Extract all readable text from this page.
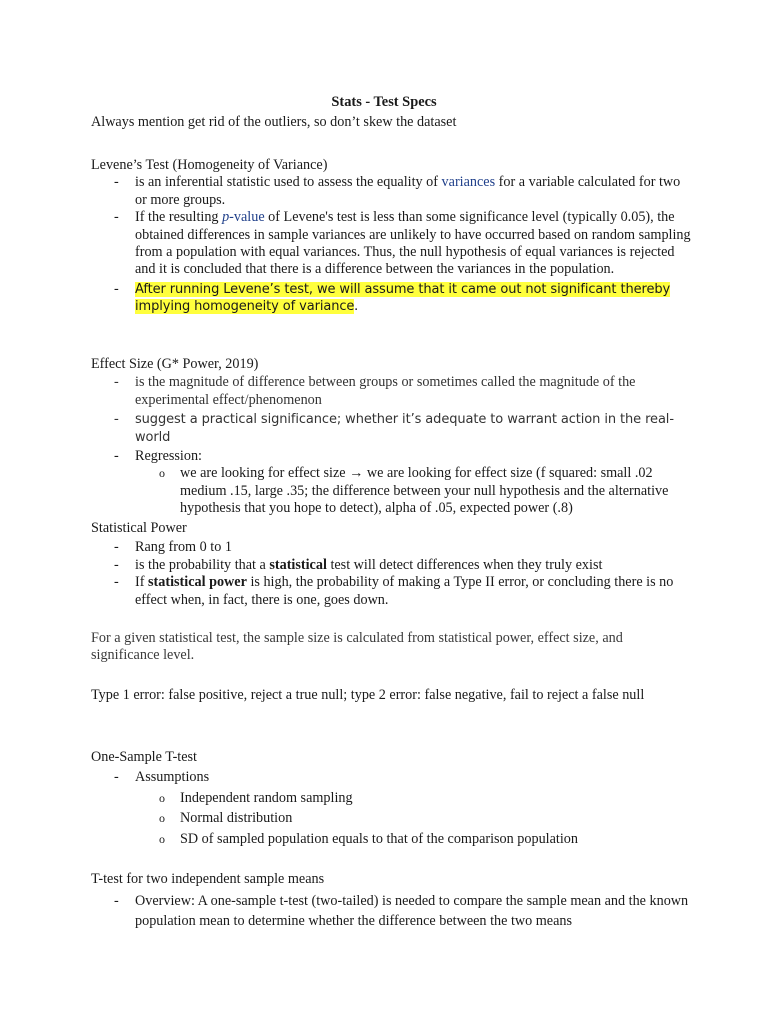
Stats - Test Specs
Always mention get rid of the outliers, so don’t skew the dataset

Levene’s Test (Homogeneity of Variance)

- is an inferential statistic used to assess the equality of variances for a variable calculated for two or more groups.
- If the resulting p-value of Levene's test is less than some significance level (typically 0.05), the obtained differences in sample variances are unlikely to have occurred based on random sampling from a population with equal variances. Thus, the null hypothesis of equal variances is rejected and it is concluded that there is a difference between the variances in the population.
- After running Levene’s test, we will assume that it came out not significant thereby implying homogeneity of variance.

Effect Size (G* Power, 2019)

- is the magnitude of difference between groups or sometimes called the magnitude of the experimental effect/phenomenon
- suggest a practical significance; whether it’s adequate to warrant action in the real-world
- Regression:
o we are looking for effect size → we are looking for effect size (f squared: small .02 medium .15, large .35; the difference between your null hypothesis and the alternative hypothesis that you hope to detect), alpha of .05, expected power (.8)

Statistical Power

- Rang from 0 to 1
- is the probability that a statistical test will detect differences when they truly exist
- If statistical power is high, the probability of making a Type II error, or concluding there is no effect when, in fact, there is one, goes down.
For a given statistical test, the sample size is calculated from statistical power, effect size, and significance level.
Type 1 error: false positive, reject a true null; type 2 error: false negative, fail to reject a false null

One-Sample T-test

- Assumptions
o Independent random sampling
o Normal distribution
o SD of sampled population equals to that of the comparison population

T-test for two independent sample means

- Overview: A one-sample t-test (two-tailed) is needed to compare the sample mean and the known population mean to determine whether the difference between the two means
